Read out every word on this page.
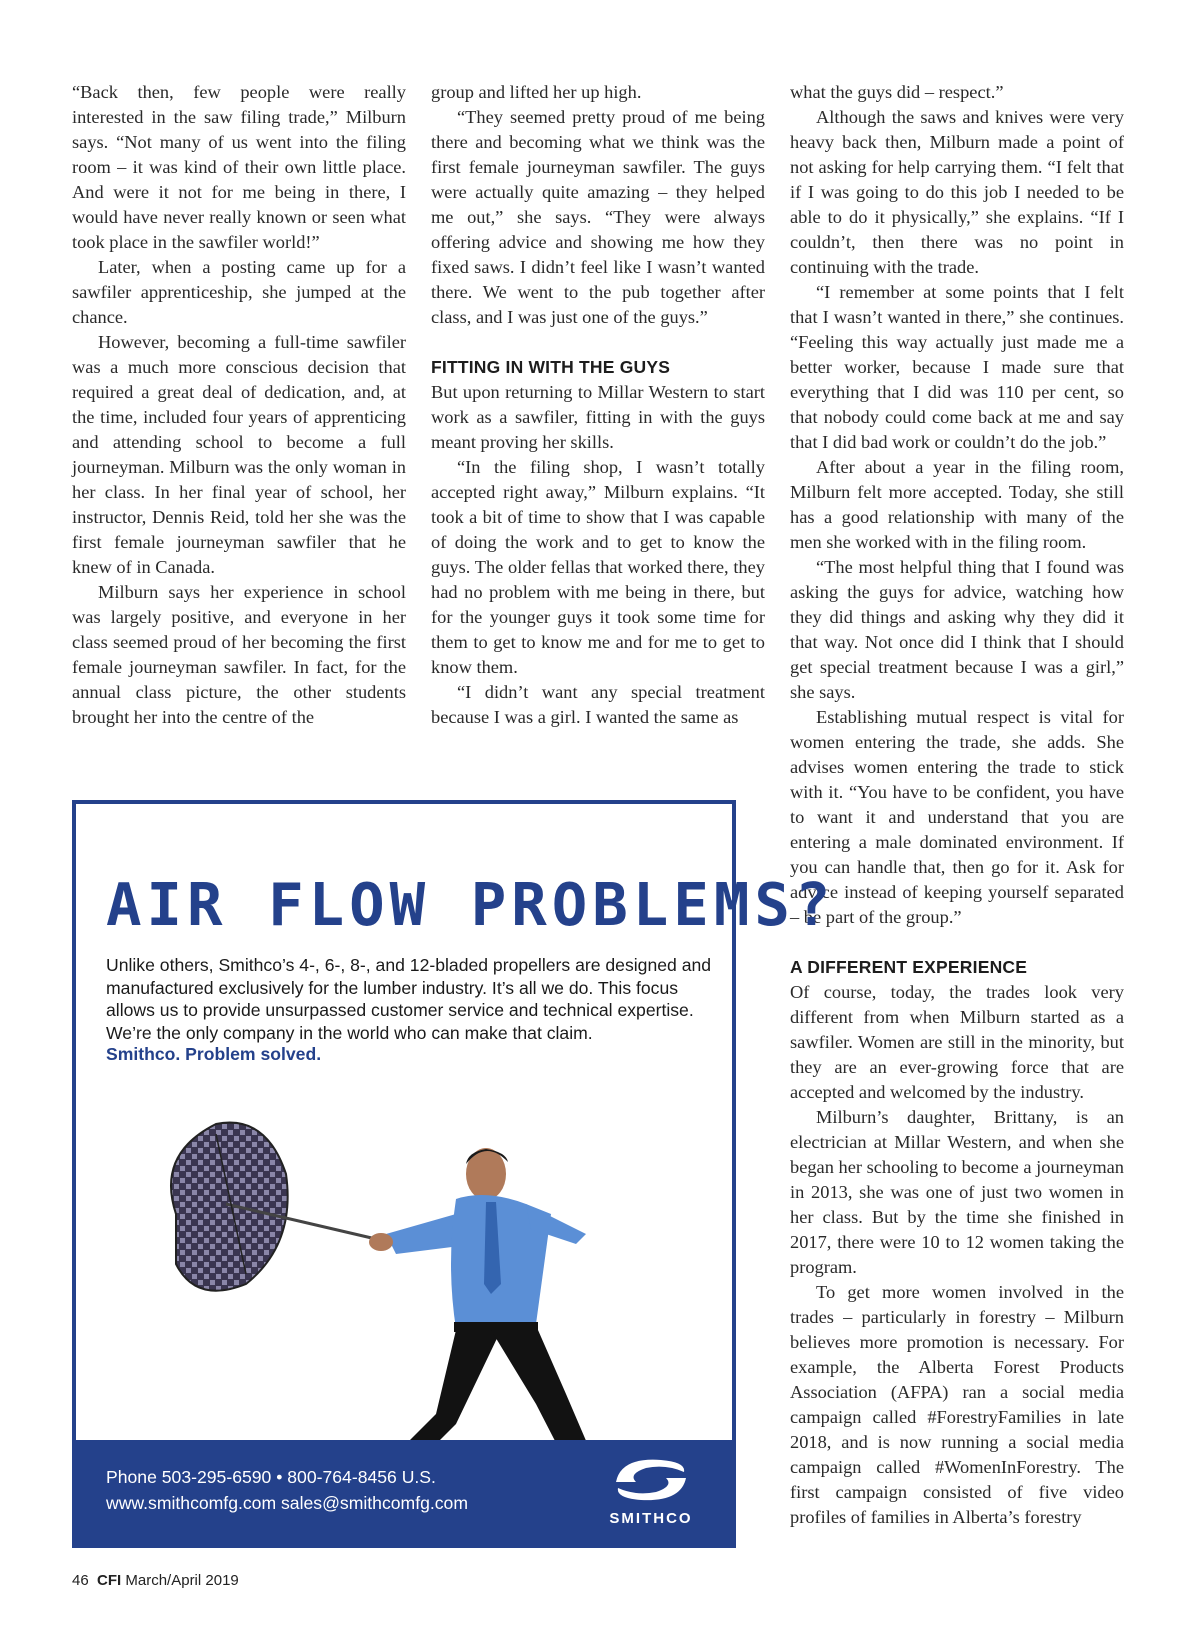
“Back then, few people were really interested in the saw filing trade,” Milburn says. “Not many of us went into the filing room – it was kind of their own little place. And were it not for me being in there, I would have never really known or seen what took place in the sawfiler world!”

Later, when a posting came up for a sawfiler apprenticeship, she jumped at the chance.

However, becoming a full-time sawfiler was a much more conscious decision that required a great deal of dedication, and, at the time, included four years of apprenticing and attending school to become a full journeyman. Milburn was the only woman in her class. In her final year of school, her instructor, Dennis Reid, told her she was the first female journeyman sawfiler that he knew of in Canada.

Milburn says her experience in school was largely positive, and everyone in her class seemed proud of her becoming the first female journeyman sawfiler. In fact, for the annual class picture, the other students brought her into the centre of the

group and lifted her up high.

“They seemed pretty proud of me being there and becoming what we think was the first female journeyman sawfiler. The guys were actually quite amazing – they helped me out,” she says. “They were always offering advice and showing me how they fixed saws. I didn’t feel like I wasn’t wanted there. We went to the pub together after class, and I was just one of the guys.”

FITTING IN WITH THE GUYS

But upon returning to Millar Western to start work as a sawfiler, fitting in with the guys meant proving her skills.

“In the filing shop, I wasn’t totally accepted right away,” Milburn explains. “It took a bit of time to show that I was capable of doing the work and to get to know the guys. The older fellas that worked there, they had no problem with me being in there, but for the younger guys it took some time for them to get to know me and for me to get to know them.

“I didn’t want any special treatment because I was a girl. I wanted the same as

what the guys did – respect.”

Although the saws and knives were very heavy back then, Milburn made a point of not asking for help carrying them. “I felt that if I was going to do this job I needed to be able to do it physically,” she explains. “If I couldn’t, then there was no point in continuing with the trade.

“I remember at some points that I felt that I wasn’t wanted in there,” she continues. “Feeling this way actually just made me a better worker, because I made sure that everything that I did was 110 per cent, so that nobody could come back at me and say that I did bad work or couldn’t do the job.”

After about a year in the filing room, Milburn felt more accepted. Today, she still has a good relationship with many of the men she worked with in the filing room.

“The most helpful thing that I found was asking the guys for advice, watching how they did things and asking why they did it that way. Not once did I think that I should get special treatment because I was a girl,” she says.

Establishing mutual respect is vital for women entering the trade, she adds. She advises women entering the trade to stick with it. “You have to be confident, you have to want it and understand that you are entering a male dominated environment. If you can handle that, then go for it. Ask for advice instead of keeping yourself separated – be part of the group.”

A DIFFERENT EXPERIENCE

Of course, today, the trades look very different from when Milburn started as a sawfiler. Women are still in the minority, but they are an ever-growing force that are accepted and welcomed by the industry.

Milburn’s daughter, Brittany, is an electrician at Millar Western, and when she began her schooling to become a journeyman in 2013, she was one of just two women in her class. But by the time she finished in 2017, there were 10 to 12 women taking the program.

To get more women involved in the trades – particularly in forestry – Milburn believes more promotion is necessary. For example, the Alberta Forest Products Association (AFPA) ran a social media campaign called #ForestryFamilies in late 2018, and is now running a social media campaign called #WomenInForestry. The first campaign consisted of five video profiles of families in Alberta’s forestry

AIR FLOW PROBLEMS?

Unlike others, Smithco’s 4-, 6-, 8-, and 12-bladed propellers are designed and manufactured exclusively for the lumber industry. It’s all we do. This focus allows us to provide unsurpassed customer service and technical expertise. We’re the only company in the world who can make that claim.

Smithco. Problem solved.
Phone 503-295-6590 • 800-764-8456 U.S.
www.smithcomfg.com sales@smithcomfg.com
SMITHCO
46 CFI March/April 2019
